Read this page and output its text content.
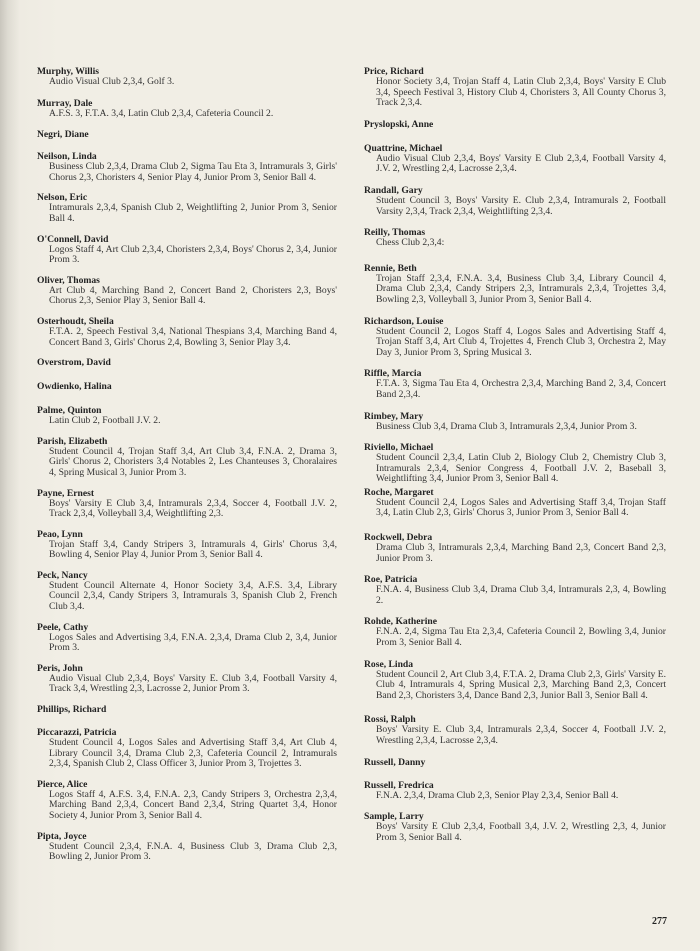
Murphy, Willis
Audio Visual Club 2,3,4, Golf 3.
Murray, Dale
A.F.S. 3, F.T.A. 3,4, Latin Club 2,3,4, Cafeteria Council 2.
Negri, Diane
Neilson, Linda
Business Club 2,3,4, Drama Club 2, Sigma Tau Eta 3, Intramurals 3, Girls' Chorus 2,3, Choristers 4, Senior Play 4, Junior Prom 3, Senior Ball 4.
Nelson, Eric
Intramurals 2,3,4, Spanish Club 2, Weightlifting 2, Junior Prom 3, Senior Ball 4.
O'Connell, David
Logos Staff 4, Art Club 2,3,4, Choristers 2,3,4, Boys' Chorus 2, 3,4, Junior Prom 3.
Oliver, Thomas
Art Club 4, Marching Band 2, Concert Band 2, Choristers 2,3, Boys' Chorus 2,3, Senior Play 3, Senior Ball 4.
Osterhoudt, Sheila
F.T.A. 2, Speech Festival 3,4, National Thespians 3,4, Marching Band 4, Concert Band 3, Girls' Chorus 2,4, Bowling 3, Senior Play 3,4.
Overstrom, David
Owdienko, Halina
Palme, Quinton
Latin Club 2, Football J.V. 2.
Parish, Elizabeth
Student Council 4, Trojan Staff 3,4, Art Club 3,4, F.N.A. 2, Drama 3, Girls' Chorus 2, Choristers 3,4 Notables 2, Les Chanteuses 3, Choralaires 4, Spring Musical 3, Junior Prom 3.
Payne, Ernest
Boys' Varsity E Club 3,4, Intramurals 2,3,4, Soccer 4, Football J.V. 2, Track 2,3,4, Volleyball 3,4, Weightlifting 2,3.
Peao, Lynn
Trojan Staff 3,4, Candy Stripers 3, Intramurals 4, Girls' Chorus 3,4, Bowling 4, Senior Play 4, Junior Prom 3, Senior Ball 4.
Peck, Nancy
Student Council Alternate 4, Honor Society 3,4, A.F.S. 3,4, Library Council 2,3,4, Candy Stripers 3, Intramurals 3, Spanish Club 2, French Club 3,4.
Peele, Cathy
Logos Sales and Advertising 3,4, F.N.A. 2,3,4, Drama Club 2, 3,4, Junior Prom 3.
Peris, John
Audio Visual Club 2,3,4, Boys' Varsity E. Club 3,4, Football Varsity 4, Track 3,4, Wrestling 2,3, Lacrosse 2, Junior Prom 3.
Phillips, Richard
Piccarazzi, Patricia
Student Council 4, Logos Sales and Advertising Staff 3,4, Art Club 4, Library Council 3,4, Drama Club 2,3, Cafeteria Council 2, Intramurals 2,3,4, Spanish Club 2, Class Officer 3, Junior Prom 3, Trojettes 3.
Pierce, Alice
Logos Staff 4, A.F.S. 3,4, F.N.A. 2,3, Candy Stripers 3, Orchestra 2,3,4, Marching Band 2,3,4, Concert Band 2,3,4, String Quartet 3,4, Honor Society 4, Junior Prom 3, Senior Ball 4.
Pipta, Joyce
Student Council 2,3,4, F.N.A. 4, Business Club 3, Drama Club 2,3, Bowling 2, Junior Prom 3.
Price, Richard
Honor Society 3,4, Trojan Staff 4, Latin Club 2,3,4, Boys' Varsity E Club 3,4, Speech Festival 3, History Club 4, Choristers 3, All County Chorus 3, Track 2,3,4.
Pryslopski, Anne
Quattrine, Michael
Audio Visual Club 2,3,4, Boys' Varsity E Club 2,3,4, Football Varsity 4, J.V. 2, Wrestling 2,4, Lacrosse 2,3,4.
Randall, Gary
Student Council 3, Boys' Varsity E. Club 2,3,4, Intramurals 2, Football Varsity 2,3,4, Track 2,3,4, Weightlifting 2,3,4.
Reilly, Thomas
Chess Club 2,3,4:
Rennie, Beth
Trojan Staff 2,3,4, F.N.A. 3,4, Business Club 3,4, Library Council 4, Drama Club 2,3,4, Candy Stripers 2,3, Intramurals 2,3,4, Trojettes 3,4, Bowling 2,3, Volleyball 3, Junior Prom 3, Senior Ball 4.
Richardson, Louise
Student Council 2, Logos Staff 4, Logos Sales and Advertising Staff 4, Trojan Staff 3,4, Art Club 4, Trojettes 4, French Club 3, Orchestra 2, May Day 3, Junior Prom 3, Spring Musical 3.
Riffle, Marcia
F.T.A. 3, Sigma Tau Eta 4, Orchestra 2,3,4, Marching Band 2, 3,4, Concert Band 2,3,4.
Rimbey, Mary
Business Club 3,4, Drama Club 3, Intramurals 2,3,4, Junior Prom 3.
Riviello, Michael
Student Council 2,3,4, Latin Club 2, Biology Club 2, Chemistry Club 3, Intramurals 2,3,4, Senior Congress 4, Football J.V. 2, Baseball 3, Weightlifting 3,4, Junior Prom 3, Senior Ball 4.
Roche, Margaret
Student Council 2,4, Logos Sales and Advertising Staff 3,4, Trojan Staff 3,4, Latin Club 2,3, Girls' Chorus 3, Junior Prom 3, Senior Ball 4.
Rockwell, Debra
Drama Club 3, Intramurals 2,3,4, Marching Band 2,3, Concert Band 2,3, Junior Prom 3.
Roe, Patricia
F.N.A. 4, Business Club 3,4, Drama Club 3,4, Intramurals 2,3, 4, Bowling 2.
Rohde, Katherine
F.N.A. 2,4, Sigma Tau Eta 2,3,4, Cafeteria Council 2, Bowling 3,4, Junior Prom 3, Senior Ball 4.
Rose, Linda
Student Council 2, Art Club 3,4, F.T.A. 2, Drama Club 2,3, Girls' Varsity E. Club 4, Intramurals 4, Spring Musical 2,3, Marching Band 2,3, Concert Band 2,3, Choristers 3,4, Dance Band 2,3, Junior Ball 3, Senior Ball 4.
Rossi, Ralph
Boys' Varsity E. Club 3,4, Intramurals 2,3,4, Soccer 4, Football J.V. 2, Wrestling 2,3,4, Lacrosse 2,3,4.
Russell, Danny
Russell, Fredrica
F.N.A. 2,3,4, Drama Club 2,3, Senior Play 2,3,4, Senior Ball 4.
Sample, Larry
Boys' Varsity E Club 2,3,4, Football 3,4, J.V. 2, Wrestling 2,3, 4, Junior Prom 3, Senior Ball 4.
277
